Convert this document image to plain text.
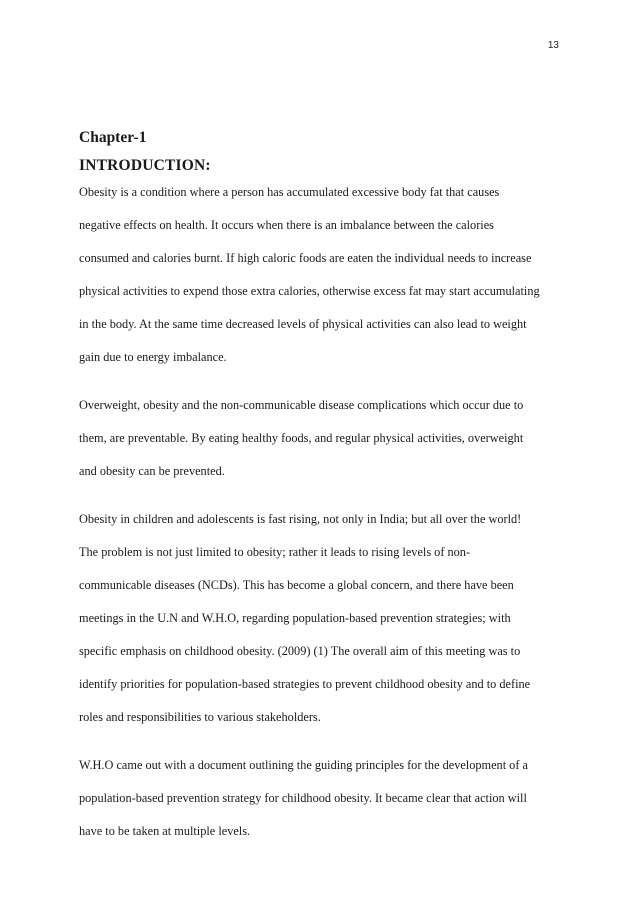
13
Chapter-1
INTRODUCTION:

Obesity is a condition where a person has accumulated excessive body fat that causes
negative effects on health. It occurs when there is an imbalance between the calories
consumed and calories burnt. If high caloric foods are eaten the individual needs to increase
physical activities to expend those extra calories, otherwise excess fat may start accumulating
in the body. At the same time decreased levels of physical activities can also lead to weight
gain due to energy imbalance.

Overweight, obesity and the non-communicable disease complications which occur due to
them, are preventable. By eating healthy foods, and regular physical activities, overweight
and obesity can be prevented.

Obesity in children and adolescents is fast rising, not only in India; but all over the world!
The problem is not just limited to obesity; rather it leads to rising levels of non-
communicable diseases (NCDs). This has become a global concern, and there have been
meetings in the U.N and W.H.O, regarding population-based prevention strategies; with
specific emphasis on childhood obesity. (2009) (1) The overall aim of this meeting was to
identify priorities for population-based strategies to prevent childhood obesity and to define
roles and responsibilities to various stakeholders.

W.H.O came out with a document outlining the guiding principles for the development of a
population-based prevention strategy for childhood obesity. It became clear that action will
have to be taken at multiple levels.
